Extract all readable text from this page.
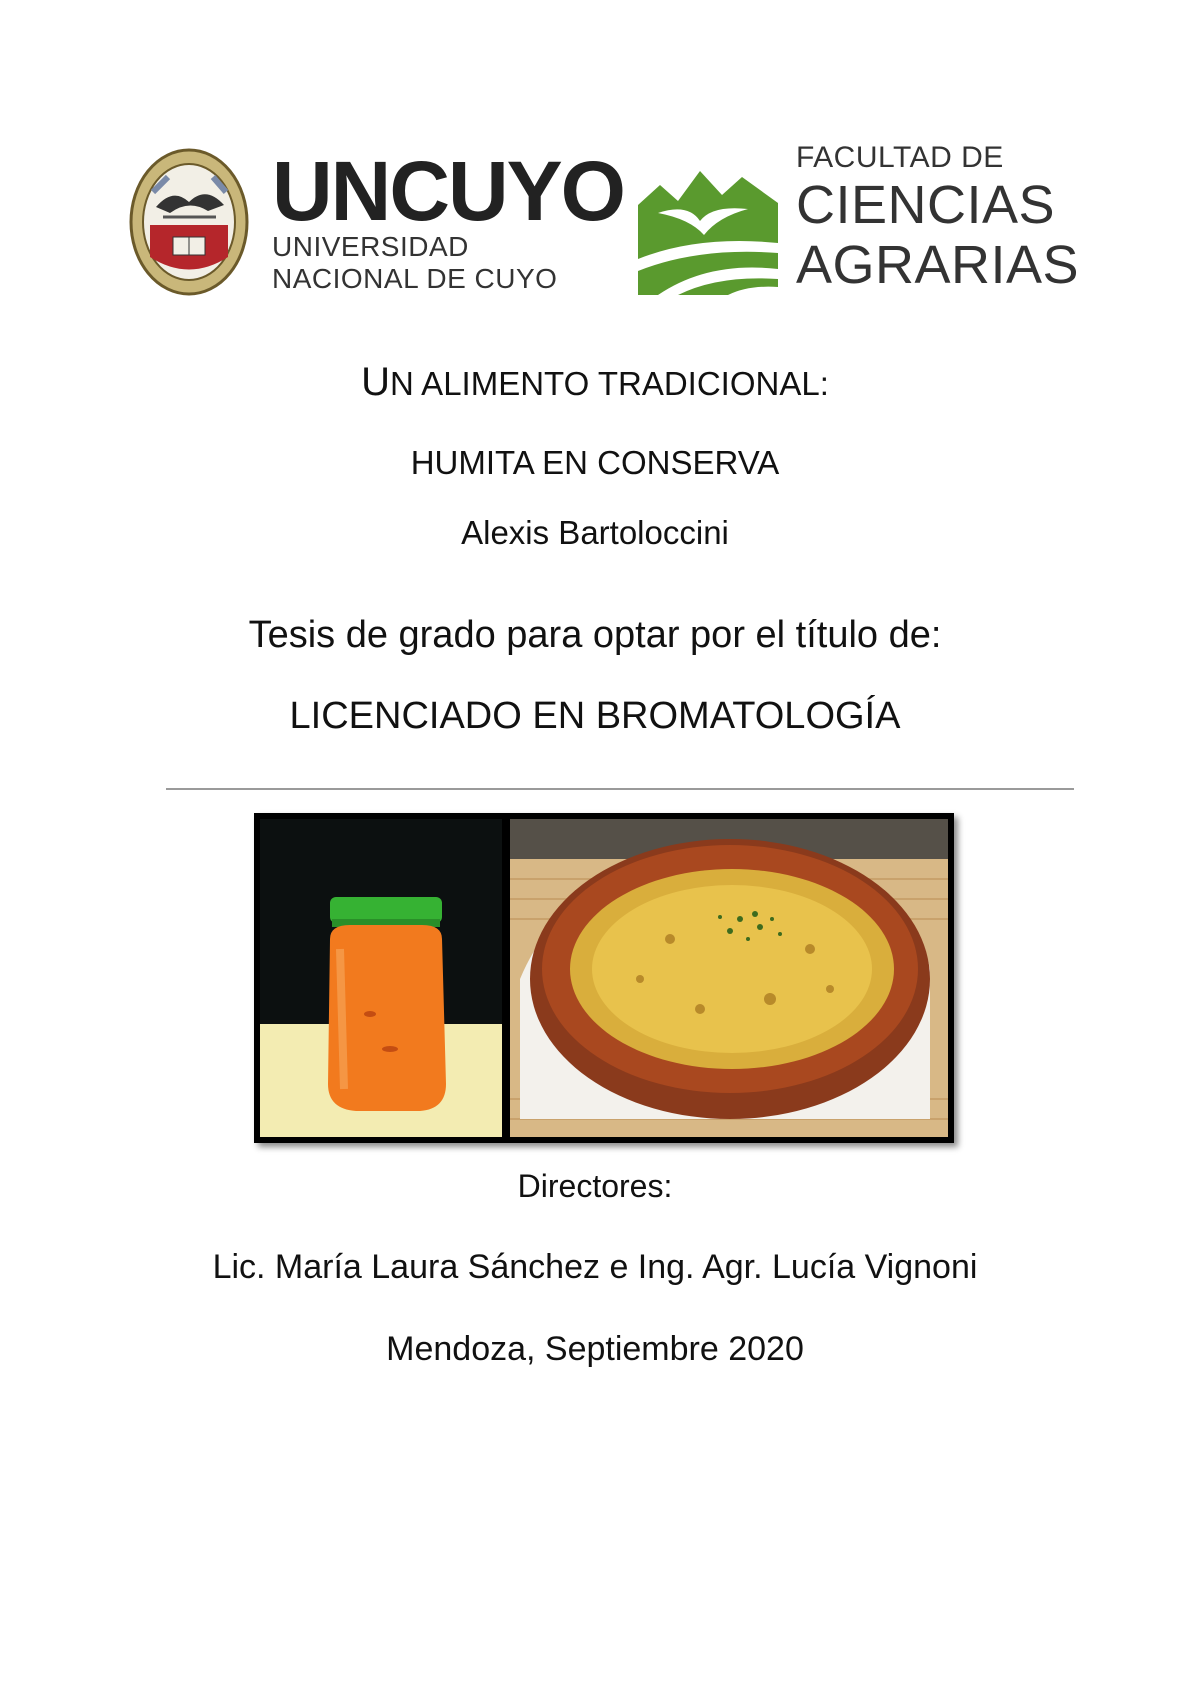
UNCUYO
UNIVERSIDAD
NACIONAL DE CUYO
FACULTAD DE
CIENCIAS
AGRARIAS
UN ALIMENTO TRADICIONAL:
HUMITA EN CONSERVA
Alexis Bartoloccini
Tesis de grado para optar por el título de:
LICENCIADO EN BROMATOLOGÍA
Directores:
Lic. María Laura Sánchez e Ing. Agr. Lucía Vignoni
Mendoza, Septiembre 2020
